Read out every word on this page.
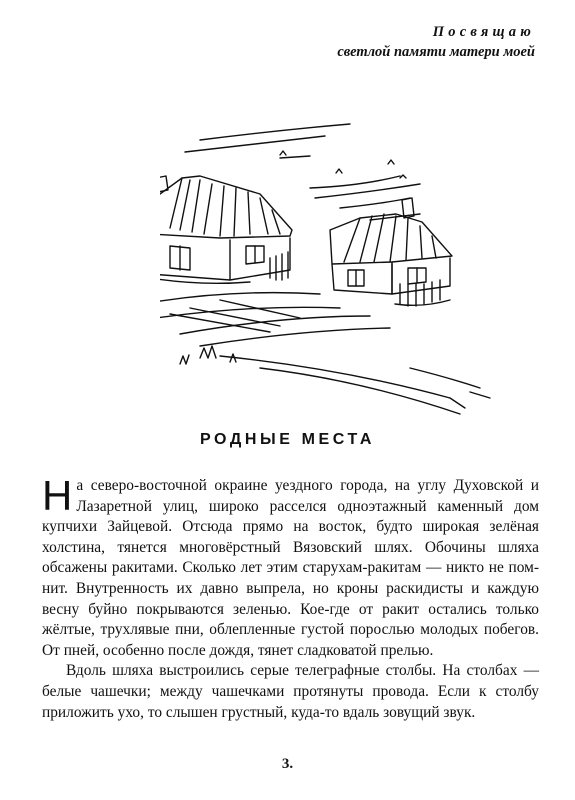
Посвящаю
светлой памяти матери моей
РОДНЫЕ МЕСТА

На северо-восточной окраине уездного города, на углу Духовской и Лазаретной улиц, широко расселся одноэтажный каменный дом купчихи Зайцевой. Отсюда прямо на восток, будто широкая зелёная холстина, тянется многовёрстный Вязовский шлях. Обочины шляха обсажены ракитами. Сколько лет этим старухам-ракитам — никто не помнит. Внутренность их давно выпрела, но кроны раскидисты и каждую весну буйно покрываются зеленью. Кое-где от ракит остались только жёлтые, трухлявые пни, облепленные густой порослью молодых побегов. От пней, особенно после дождя, тянет сладковатой прелью.

Вдоль шляха выстроились серые телеграфные столбы. На столбах — белые чашечки; между чашечками протянуты провода. Если к столбу приложить ухо, то слышен грустный, куда-то вдаль зовущий звук.

3.
